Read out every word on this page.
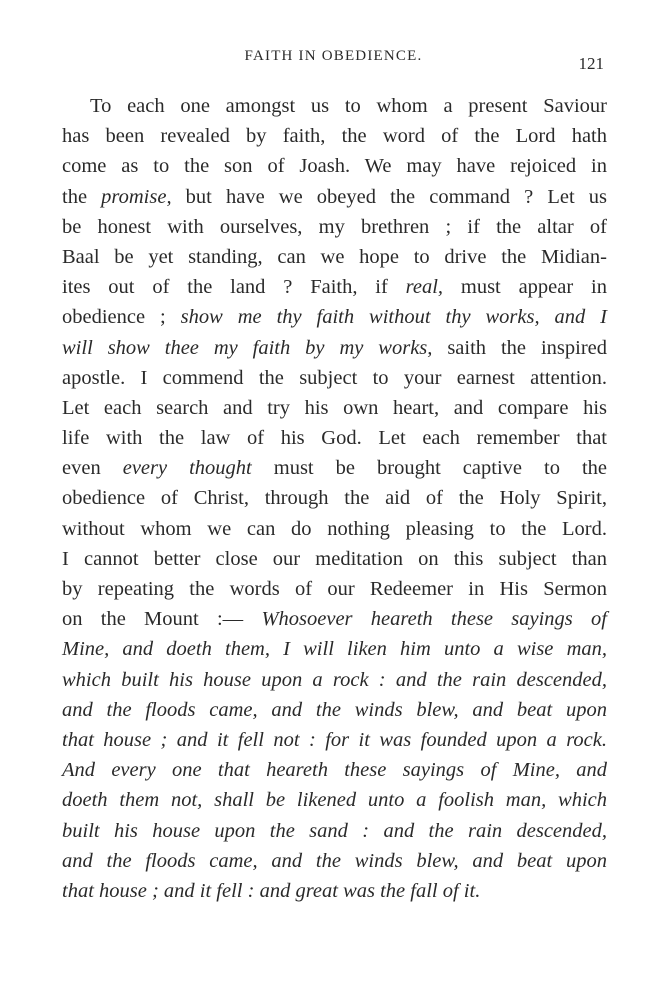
FAITH IN OBEDIENCE.	121
To each one amongst us to whom a present Saviour
has been revealed by faith, the word of the Lord hath
come as to the son of Joash. We may have rejoiced in
the promise, but have we obeyed the command ? Let us
be honest with ourselves, my brethren ; if the altar of
Baal be yet standing, can we hope to drive the Midian-
ites out of the land ? Faith, if real, must appear in
obedience ; show me thy faith without thy works, and I
will show thee my faith by my works, saith the inspired
apostle. I commend the subject to your earnest attention.
Let each search and try his own heart, and compare his
life with the law of his God. Let each remember that
even every thought must be brought captive to the
obedience of Christ, through the aid of the Holy Spirit,
without whom we can do nothing pleasing to the Lord.
I cannot better close our meditation on this subject than
by repeating the words of our Redeemer in His Sermon
on the Mount :— Whosoever heareth these sayings of
Mine, and doeth them, I will liken him unto a wise man,
which built his house upon a rock : and the rain descended,
and the floods came, and the winds blew, and beat upon
that house ; and it fell not : for it was founded upon a rock.
And every one that heareth these sayings of Mine, and
doeth them not, shall be likened unto a foolish man, which
built his house upon the sand : and the rain descended,
and the floods came, and the winds blew, and beat upon
that house ; and it fell : and great was the fall of it.
